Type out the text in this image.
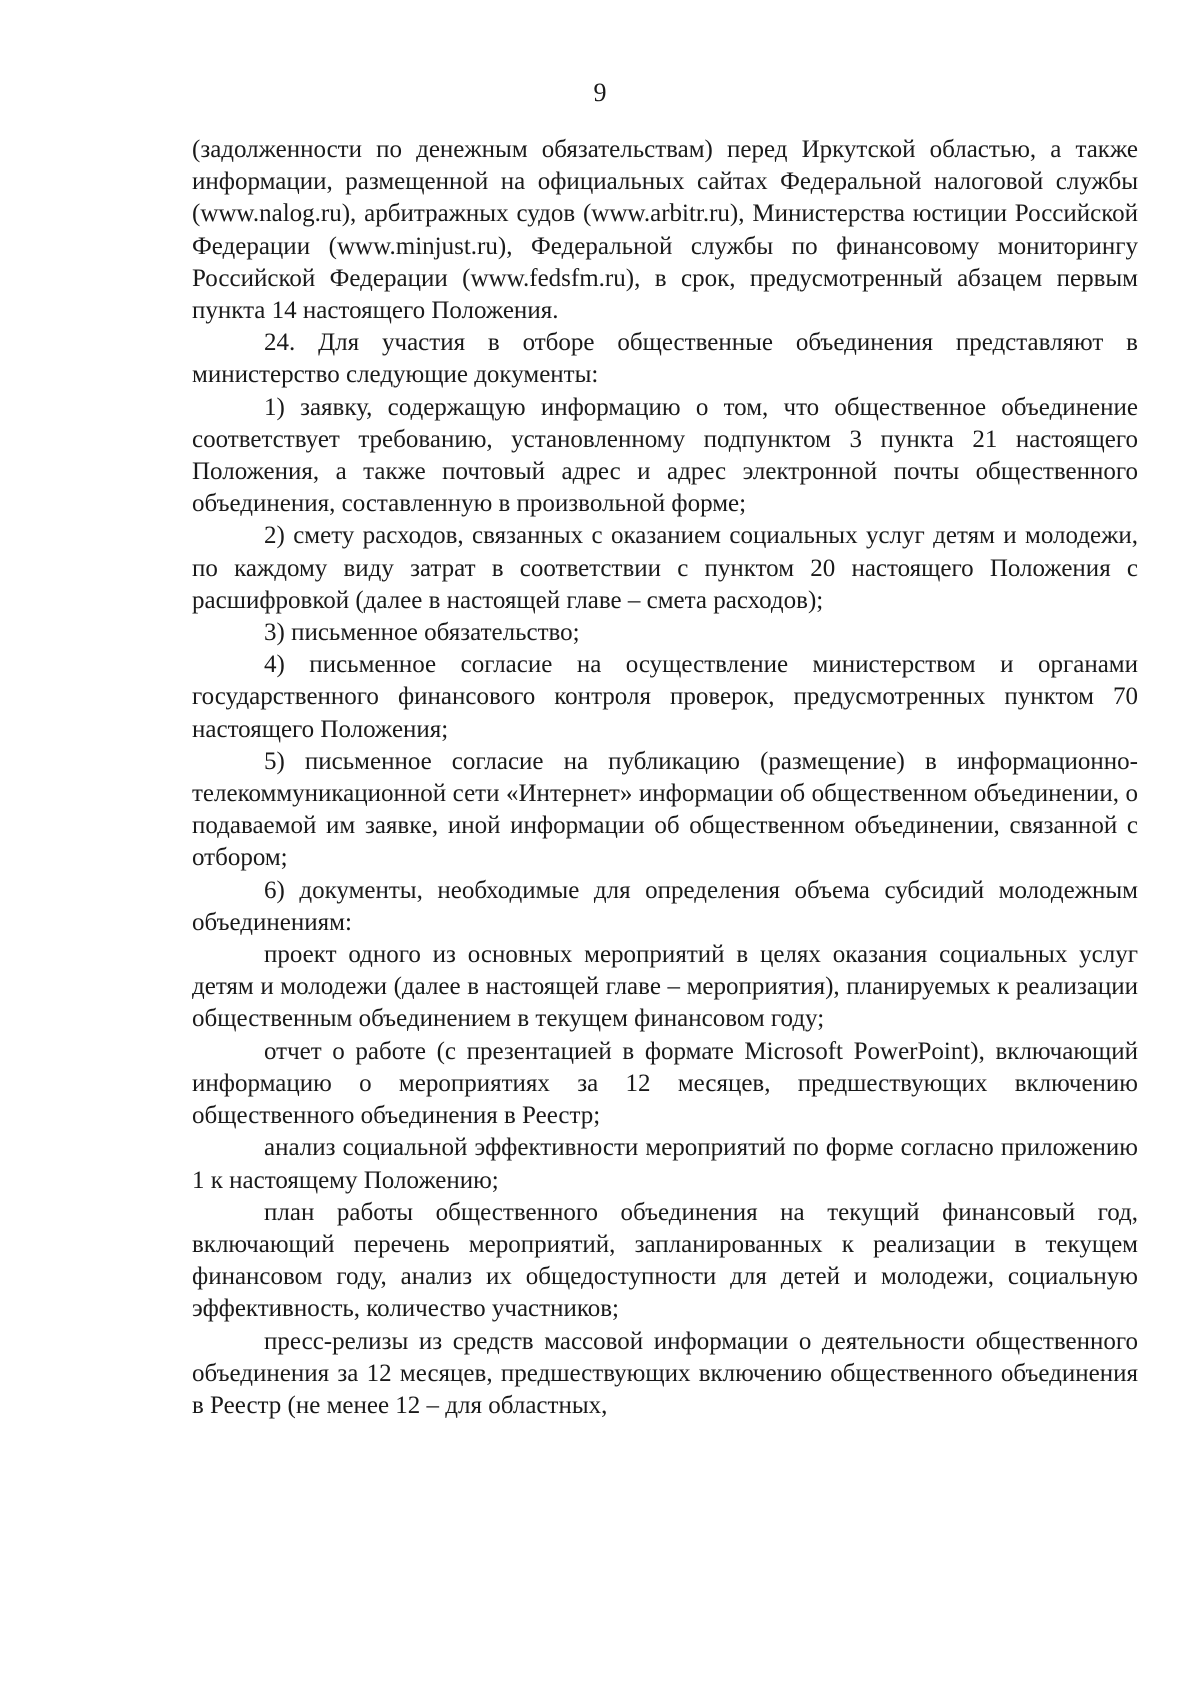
9

(задолженности по денежным обязательствам) перед Иркутской областью, а также информации, размещенной на официальных сайтах Федеральной налоговой службы (www.nalog.ru), арбитражных судов (www.arbitr.ru), Министерства юстиции Российской Федерации (www.minjust.ru), Федеральной службы по финансовому мониторингу Российской Федерации (www.fedsfm.ru), в срок, предусмотренный абзацем первым пункта 14 настоящего Положения.

24. Для участия в отборе общественные объединения представляют в министерство следующие документы:

1) заявку, содержащую информацию о том, что общественное объединение соответствует требованию, установленному подпунктом 3 пункта 21 настоящего Положения, а также почтовый адрес и адрес электронной почты общественного объединения, составленную в произвольной форме;

2) смету расходов, связанных с оказанием социальных услуг детям и молодежи, по каждому виду затрат в соответствии с пунктом 20 настоящего Положения с расшифровкой (далее в настоящей главе – смета расходов);

3) письменное обязательство;

4) письменное согласие на осуществление министерством и органами государственного финансового контроля проверок, предусмотренных пунктом 70 настоящего Положения;

5) письменное согласие на публикацию (размещение) в информационно-телекоммуникационной сети «Интернет» информации об общественном объединении, о подаваемой им заявке, иной информации об общественном объединении, связанной с отбором;

6) документы, необходимые для определения объема субсидий молодежным объединениям:

проект одного из основных мероприятий в целях оказания социальных услуг детям и молодежи (далее в настоящей главе – мероприятия), планируемых к реализации общественным объединением в текущем финансовом году;

отчет о работе (с презентацией в формате Microsoft PowerPoint), включающий информацию о мероприятиях за 12 месяцев, предшествующих включению общественного объединения в Реестр;

анализ социальной эффективности мероприятий по форме согласно приложению 1 к настоящему Положению;

план работы общественного объединения на текущий финансовый год, включающий перечень мероприятий, запланированных к реализации в текущем финансовом году, анализ их общедоступности для детей и молодежи, социальную эффективность, количество участников;

пресс-релизы из средств массовой информации о деятельности общественного объединения за 12 месяцев, предшествующих включению общественного объединения в Реестр (не менее 12 – для областных,
